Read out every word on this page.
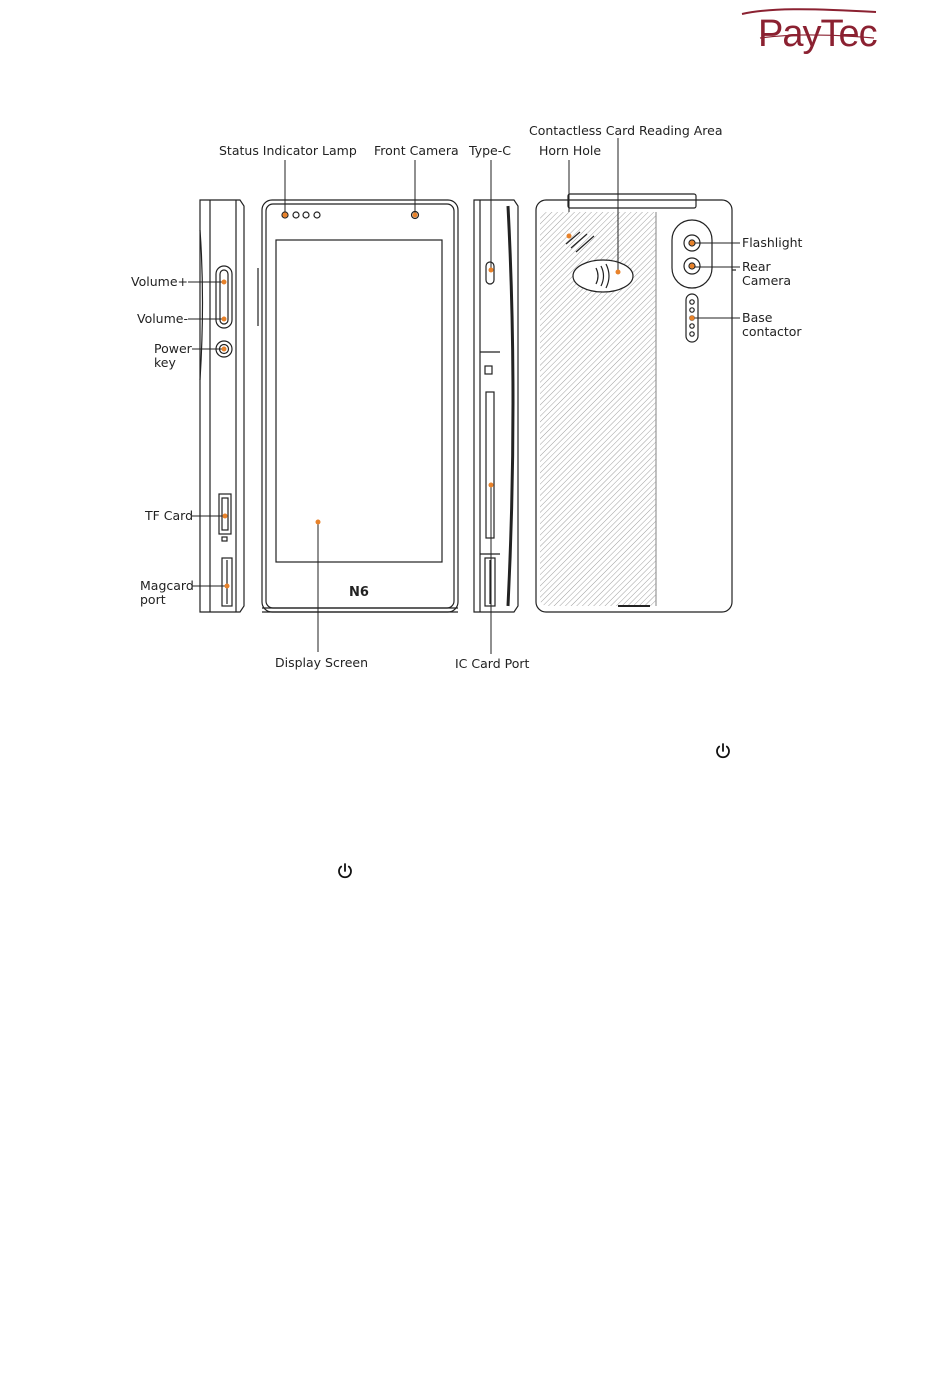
PayTec
N6
Status Indicator Lamp Front Camera Type-C Horn Hole
Contactless Card Reading Area
Volume+
Volume-
Power
key
TF Card
Magcard
port
Flashlight
Rear
Camera
Base
contactor
Display Screen	IC Card Port
